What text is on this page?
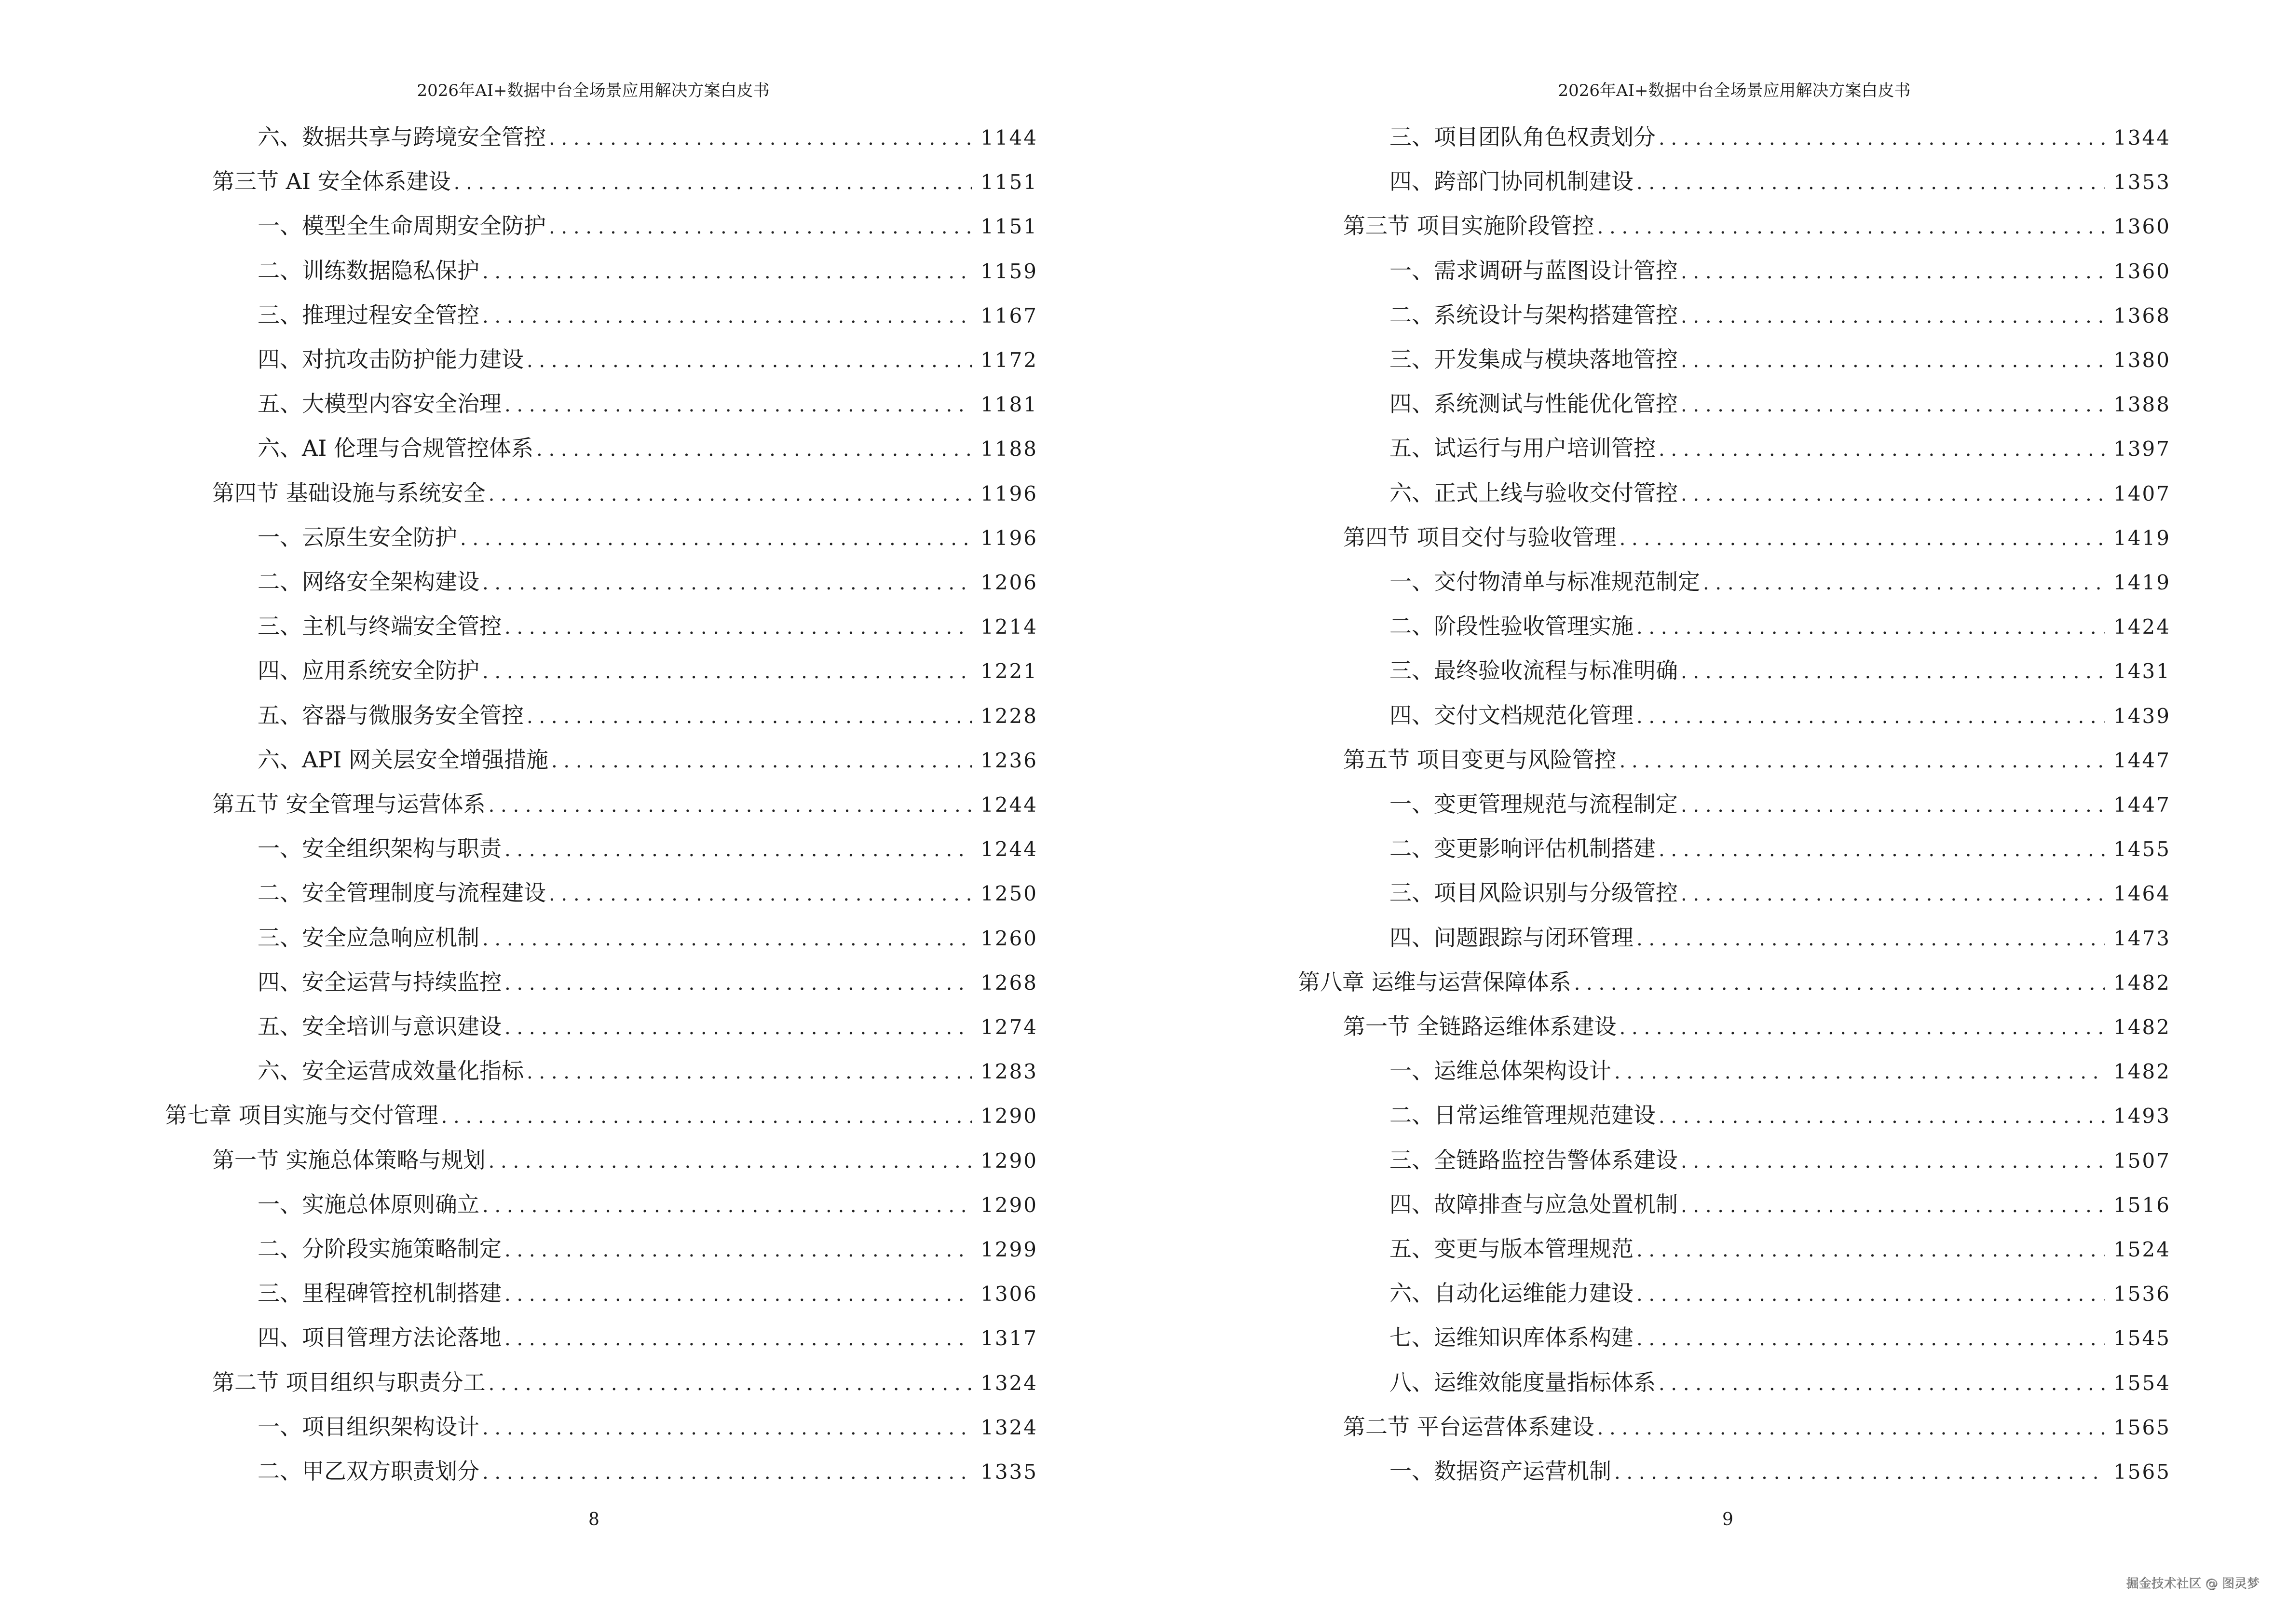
2026年AI+数据中台全场景应用解决方案白皮书
六、数据共享与跨境安全管控 . . .	1144
第三节 AI 安全体系建设 . . .	1151
一、模型全生命周期安全防护 . . .	1151
二、训练数据隐私保护 . . .	1159
三、推理过程安全管控 . . .	1167
四、对抗攻击防护能力建设 . . .	1172
五、大模型内容安全治理 . . .	1181
六、AI 伦理与合规管控体系 . . .	1188
第四节 基础设施与系统安全 . . .	1196
一、云原生安全防护 . . .	1196
二、网络安全架构建设 . . .	1206
三、主机与终端安全管控 . . .	1214
四、应用系统安全防护 . . .	1221
五、容器与微服务安全管控 . . .	1228
六、API 网关层安全增强措施 . . .	1236
第五节 安全管理与运营体系 . . .	1244
一、安全组织架构与职责 . . .	1244
二、安全管理制度与流程建设 . . .	1250
三、安全应急响应机制 . . .	1260
四、安全运营与持续监控 . . .	1268
五、安全培训与意识建设 . . .	1274
六、安全运营成效量化指标 . . .	1283
第七章 项目实施与交付管理 . . .	1290
第一节 实施总体策略与规划 . . .	1290
一、实施总体原则确立 . . .	1290
二、分阶段实施策略制定 . . .	1299
三、里程碑管控机制搭建 . . .	1306
四、项目管理方法论落地 . . .	1317
第二节 项目组织与职责分工 . . .	1324
一、项目组织架构设计 . . .	1324
二、甲乙双方职责划分 . . .	1335
8
2026年AI+数据中台全场景应用解决方案白皮书
三、项目团队角色权责划分 . . .	1344
四、跨部门协同机制建设 . . .	1353
第三节 项目实施阶段管控 . . .	1360
一、需求调研与蓝图设计管控 . . .	1360
二、系统设计与架构搭建管控 . . .	1368
三、开发集成与模块落地管控 . . .	1380
四、系统测试与性能优化管控 . . .	1388
五、试运行与用户培训管控 . . .	1397
六、正式上线与验收交付管控 . . .	1407
第四节 项目交付与验收管理 . . .	1419
一、交付物清单与标准规范制定 . . .	1419
二、阶段性验收管理实施 . . .	1424
三、最终验收流程与标准明确 . . .	1431
四、交付文档规范化管理 . . .	1439
第五节 项目变更与风险管控 . . .	1447
一、变更管理规范与流程制定 . . .	1447
二、变更影响评估机制搭建 . . .	1455
三、项目风险识别与分级管控 . . .	1464
四、问题跟踪与闭环管理 . . .	1473
第八章 运维与运营保障体系 . . .	1482
第一节 全链路运维体系建设 . . .	1482
一、运维总体架构设计 . . .	1482
二、日常运维管理规范建设 . . .	1493
三、全链路监控告警体系建设 . . .	1507
四、故障排查与应急处置机制 . . .	1516
五、变更与版本管理规范 . . .	1524
六、自动化运维能力建设 . . .	1536
七、运维知识库体系构建 . . .	1545
八、运维效能度量指标体系 . . .	1554
第二节 平台运营体系建设 . . .	1565
一、数据资产运营机制 . . .	1565
9
掘金技术社区 @ 图灵梦
